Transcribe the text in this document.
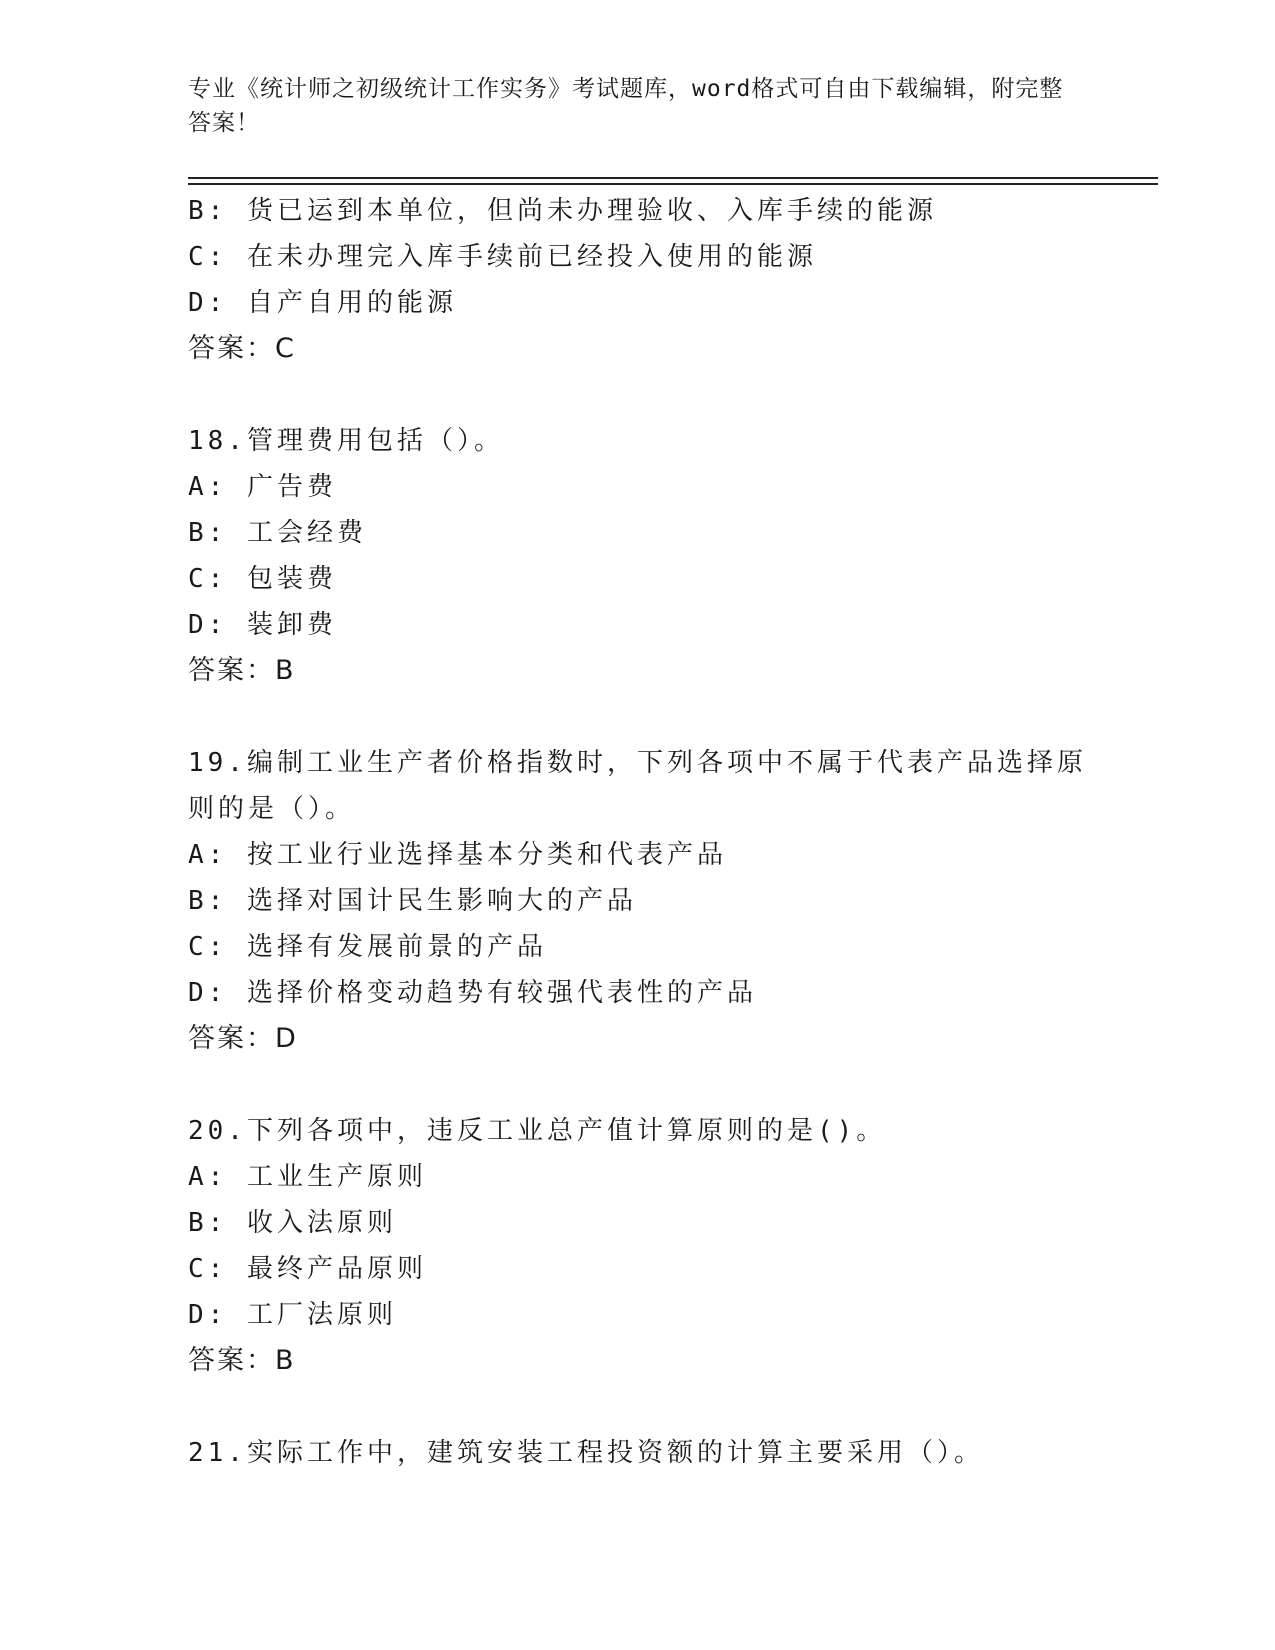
专业《统计师之初级统计工作实务》考试题库，word格式可自由下载编辑，附完整答案！
B: 货已运到本单位，但尚未办理验收、入库手续的能源
C: 在未办理完入库手续前已经投入使用的能源
D: 自产自用的能源
答案：C
18.管理费用包括（）。
A: 广告费
B: 工会经费
C: 包装费
D: 装卸费
答案：B
19.编制工业生产者价格指数时，下列各项中不属于代表产品选择原则的是（）。
A: 按工业行业选择基本分类和代表产品
B: 选择对国计民生影响大的产品
C: 选择有发展前景的产品
D: 选择价格变动趋势有较强代表性的产品
答案：D
20.下列各项中，违反工业总产值计算原则的是()。
A: 工业生产原则
B: 收入法原则
C: 最终产品原则
D: 工厂法原则
答案：B
21.实际工作中，建筑安装工程投资额的计算主要采用（）。
